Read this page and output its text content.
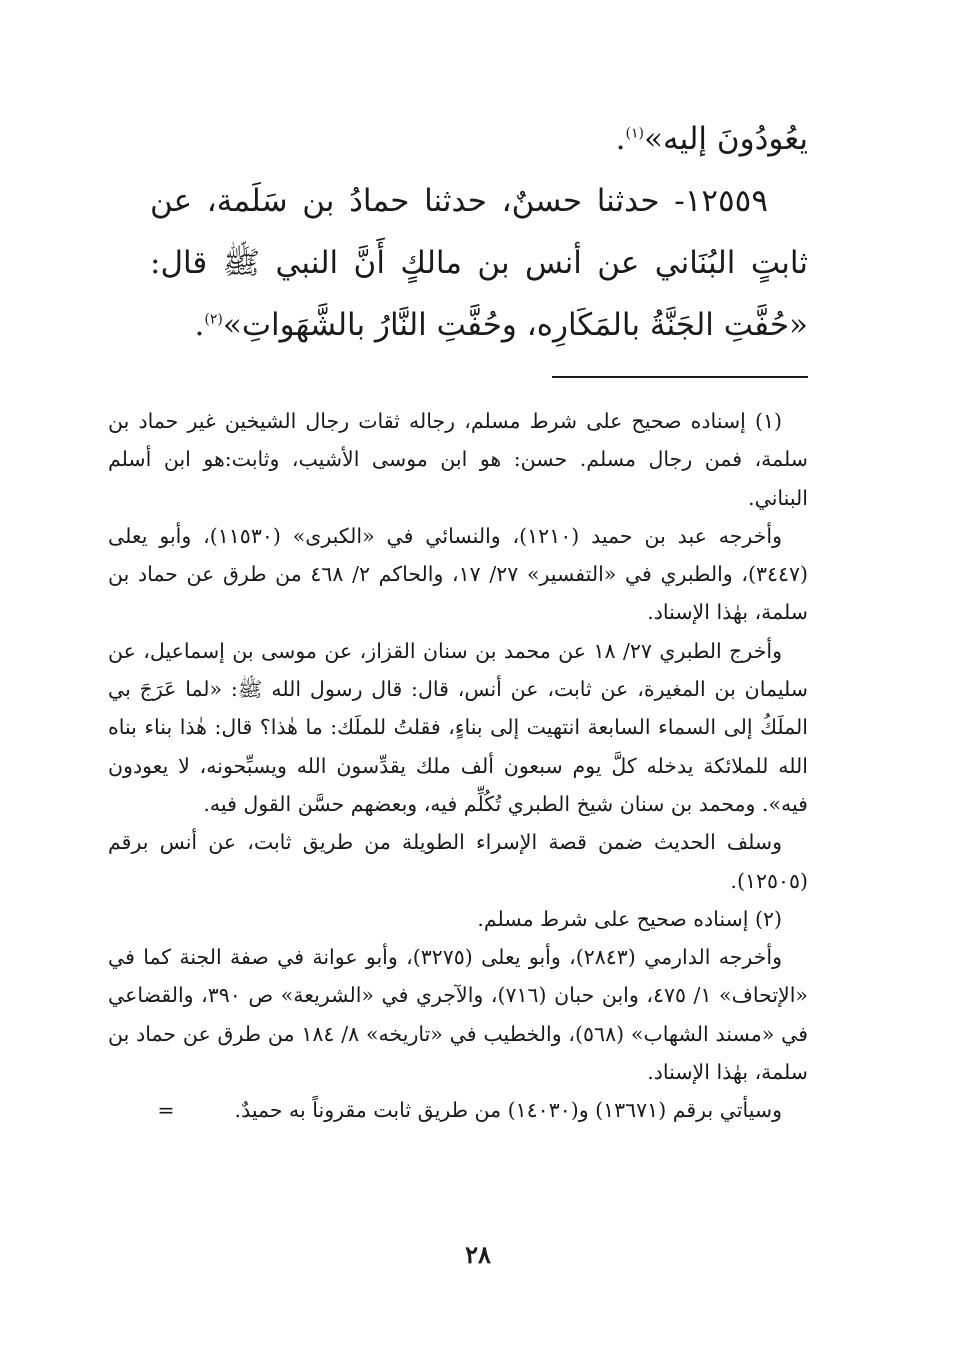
يعُودُونَ إليه»$^{(١)}$.

١٢٥٥٩- حدثنا حسنٌ، حدثنا حمادُ بن سَلَمة، عن ثابتٍ البُنَاني عن أنس بن مالكٍ أَنَّ النبي ﷺ قال: «حُفَّتِ الجَنَّةُ بالمَكَارِه، وحُفَّتِ النَّارُ بالشَّهَواتِ»$^{(٢)}$.

(١) إسناده صحيح على شرط مسلم، رجاله ثقات رجال الشيخين غير حماد بن سلمة، فمن رجال مسلم. حسن: هو ابن موسى الأشيب، وثابت:هو ابن أسلم البناني.

وأخرجه عبد بن حميد (١٢١٠)، والنسائي في «الكبرى» (١١٥٣٠)، وأبو يعلى (٣٤٤٧)، والطبري في «التفسير» ٢٧/ ١٧، والحاكم ٢/ ٤٦٨ من طرق عن حماد بن سلمة، بهٰذا الإسناد.

وأخرج الطبري ٢٧/ ١٨ عن محمد بن سنان القزاز، عن موسى بن إسماعيل، عن سليمان بن المغيرة، عن ثابت، عن أنس، قال: قال رسول الله ﷺ: «لما عَرَجَ بي الملَكُ إلى السماء السابعة انتهيت إلى بناءٍ، فقلتُ للملَك: ما هٰذا؟ قال: هٰذا بناء بناه الله للملائكة يدخله كلَّ يوم سبعون ألف ملك يقدِّسون الله ويسبِّحونه، لا يعودون فيه». ومحمد بن سنان شيخ الطبري تُكُلِّم فيه، وبعضهم حسَّن القول فيه.

وسلف الحديث ضمن قصة الإسراء الطويلة من طريق ثابت، عن أنس برقم (١٢٥٠٥).

(٢) إسناده صحيح على شرط مسلم.

وأخرجه الدارمي (٢٨٤٣)، وأبو يعلى (٣٢٧٥)، وأبو عوانة في صفة الجنة كما في «الإتحاف» ١/ ٤٧٥، وابن حبان (٧١٦)، والآجري في «الشريعة» ص ٣٩٠، والقضاعي في «مسند الشهاب» (٥٦٨)، والخطيب في «تاريخه» ٨/ ١٨٤ من طرق عن حماد بن سلمة، بهٰذا الإسناد.

وسيأتي برقم (١٣٦٧١) و(١٤٠٣٠) من طريق ثابت مقروناً به حميدٌ.=

٢٨
